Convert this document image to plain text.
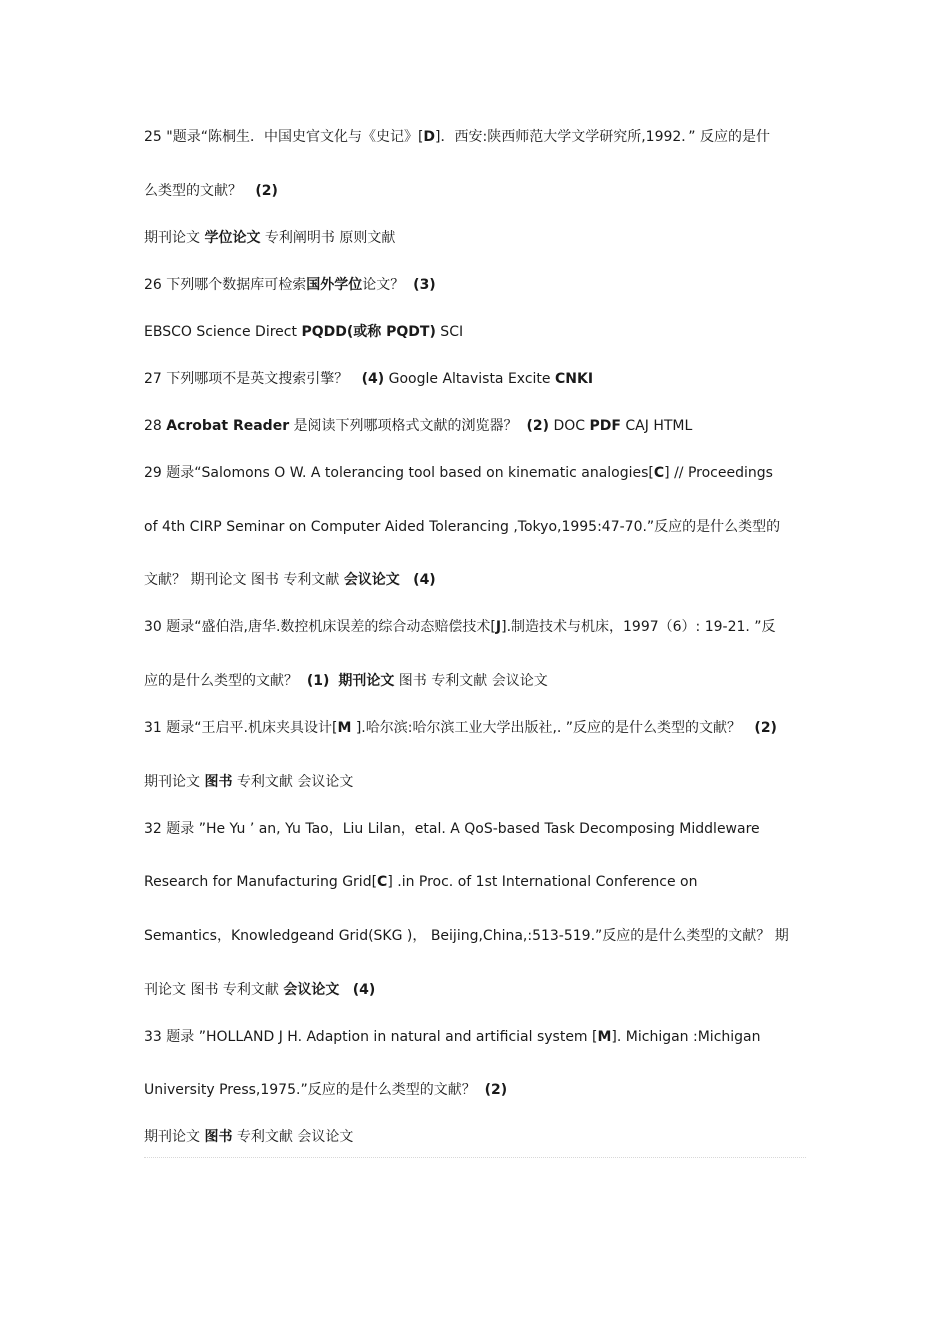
25 "题录“陈桐生．中国史官文化与《史记》[D]．西安:陕西师范大学文学研究所,1992．” 反应的是什
么类型的文献？ (2)
期刊论文 学位论文 专利阐明书 原则文献
26 下列哪个数据库可检索国外学位论文？ (3)
EBSCO Science Direct PQDD(或称 PQDT) SCI
27 下列哪项不是英文搜索引擎？ (4) Google Altavista Excite CNKI
28 Acrobat Reader 是阅读下列哪项格式文献的浏览器？ (2) DOC PDF CAJ HTML
29 题录“Salomons O W. A tolerancing tool based on kinematic analogies[C] // Proceedings
of 4th CIRP Seminar on Computer Aided Tolerancing ,Tokyo,1995:47-70.”反应的是什么类型的
文献？ 期刊论文 图书 专利文献 会议论文 (4)
30 题录“盛伯浩,唐华.数控机床误差的综合动态赔偿技术[J].制造技术与机床，1997（6）: 19-21. ”反
应的是什么类型的文献？ (1) 期刊论文 图书 专利文献 会议论文
31 题录“王启平.机床夹具设计[M ].哈尔滨:哈尔滨工业大学出版社,. ”反应的是什么类型的文献？ (2)
期刊论文 图书 专利文献 会议论文
32 题录 ”He Yu ’ an, Yu Tao，Liu Lilan，etal. A QoS-based Task Decomposing Middleware
Research for Manufacturing Grid[C] .in Proc. of 1st International Conference on
Semantics，Knowledgeand Grid(SKG )， Beijing,China,:513-519.”反应的是什么类型的文献？ 期
刊论文 图书 专利文献 会议论文 (4)
33 题录 ”HOLLAND J H. Adaption in natural and artificial system [M]. Michigan :Michigan
University Press,1975.”反应的是什么类型的文献？ (2)
期刊论文 图书 专利文献 会议论文
